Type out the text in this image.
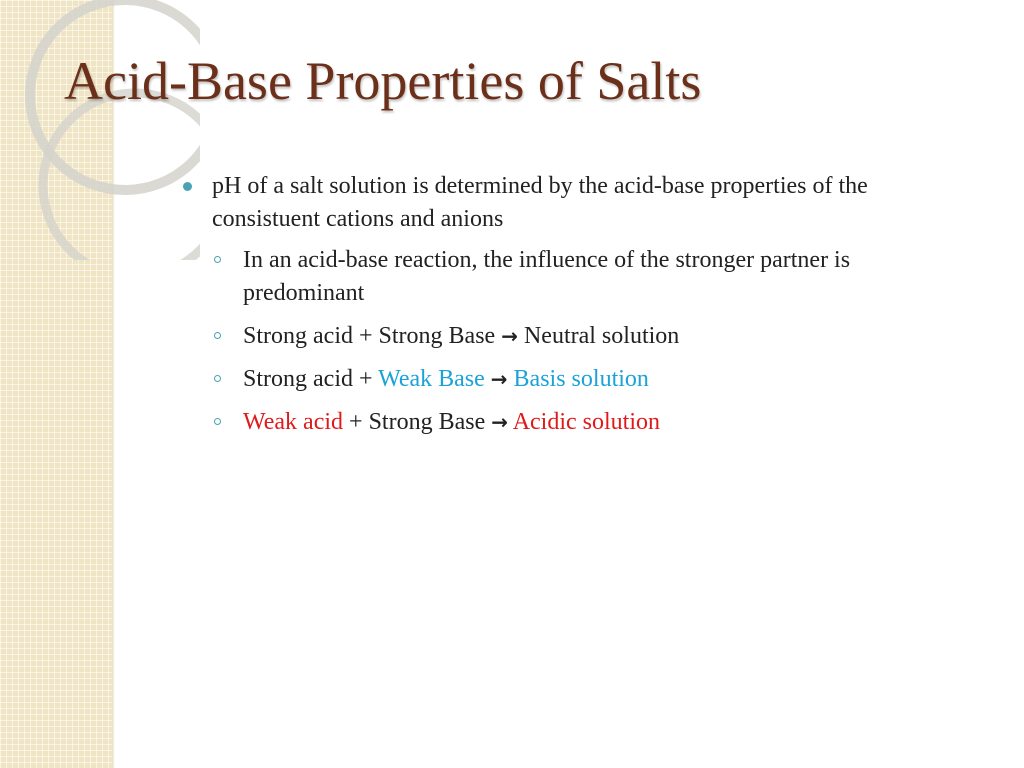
Acid-Base Properties of Salts
pH of a salt solution is determined by the acid-base properties of the consistuent cations and anions
In an acid-base reaction, the influence of the stronger partner is predominant
Strong acid + Strong Base → Neutral solution
Strong acid + Weak Base → Basis solution
Weak acid + Strong Base → Acidic solution
